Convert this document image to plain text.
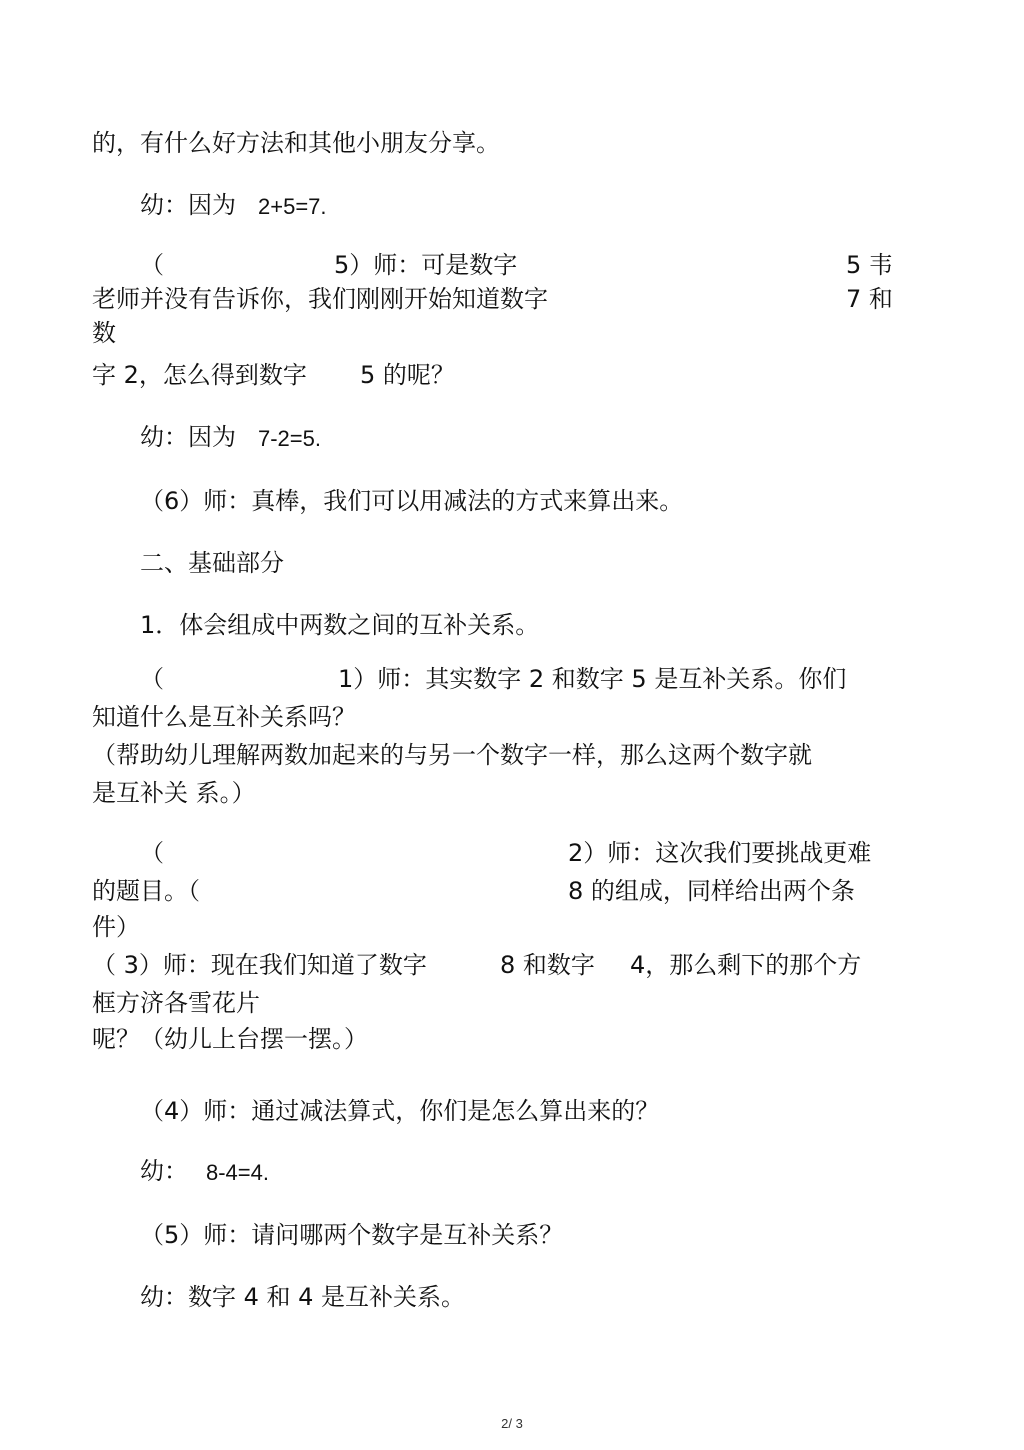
的，有什么好方法和其他小朋友分享。
幼：因为 2+5=7.
（	5）师：可是数字	5 韦
老师并没有告诉你，我们刚刚开始知道数字	7 和
数
字 2，怎么得到数字 5 的呢？
幼：因为 7-2=5.
（6）师：真棒，我们可以用减法的方式来算出来。
二、基础部分
1．体会组成中两数之间的互补关系。
（	1）师：其实数字 2 和数字 5 是互补关系。你们
知道什么是互补关系吗？
（帮助幼儿理解两数加起来的与另一个数字一样，那么这两个数字就
是互补关 系。）
（	2）师：这次我们要挑战更难
的题目。（	8 的组成，同样给出两个条
件）
（ 3）师：现在我们知道了数字	8 和数字 4，那么剩下的那个方
框方济各雪花片
呢？（幼儿上台摆一摆。）
（4）师：通过减法算式，你们是怎么算出来的？
幼： 8-4=4.
（5）师：请问哪两个数字是互补关系？
幼：数字 4 和 4 是互补关系。
2/ 3
